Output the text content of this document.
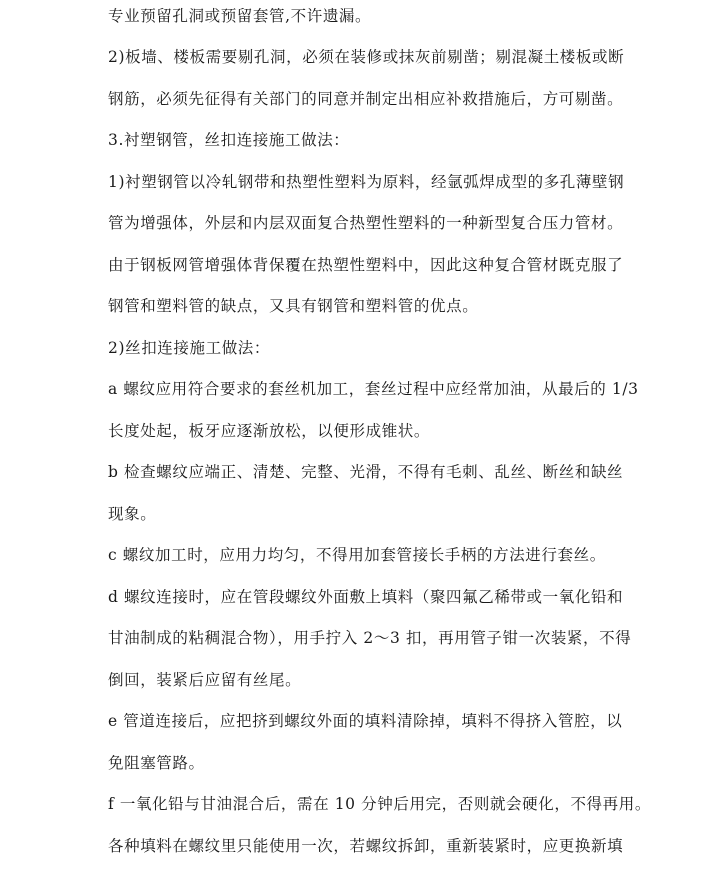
专业预留孔洞或预留套管,不许遗漏。
2)板墙、楼板需要剔孔洞，必须在装修或抹灰前剔凿；剔混凝土楼板或断
钢筋，必须先征得有关部门的同意并制定出相应补救措施后，方可剔凿。
3.衬塑钢管，丝扣连接施工做法：
1)衬塑钢管以冷轧钢带和热塑性塑料为原料，经氩弧焊成型的多孔薄壁钢
管为增强体，外层和内层双面复合热塑性塑料的一种新型复合压力管材。
由于钢板网管增强体背保覆在热塑性塑料中，因此这种复合管材既克服了
钢管和塑料管的缺点，又具有钢管和塑料管的优点。
2)丝扣连接施工做法：
a 螺纹应用符合要求的套丝机加工，套丝过程中应经常加油，从最后的 1/3
长度处起，板牙应逐渐放松，以便形成锥状。
b 检查螺纹应端正、清楚、完整、光滑，不得有毛刺、乱丝、断丝和缺丝
现象。
c 螺纹加工时，应用力均匀，不得用加套管接长手柄的方法进行套丝。
d 螺纹连接时，应在管段螺纹外面敷上填料（聚四氟乙稀带或一氧化铅和
甘油制成的粘稠混合物），用手拧入 2～3 扣，再用管子钳一次装紧，不得
倒回，装紧后应留有丝尾。
e 管道连接后，应把挤到螺纹外面的填料清除掉，填料不得挤入管腔，以
免阻塞管路。
f 一氧化铅与甘油混合后，需在 10 分钟后用完，否则就会硬化，不得再用。
各种填料在螺纹里只能使用一次，若螺纹拆卸，重新装紧时，应更换新填
